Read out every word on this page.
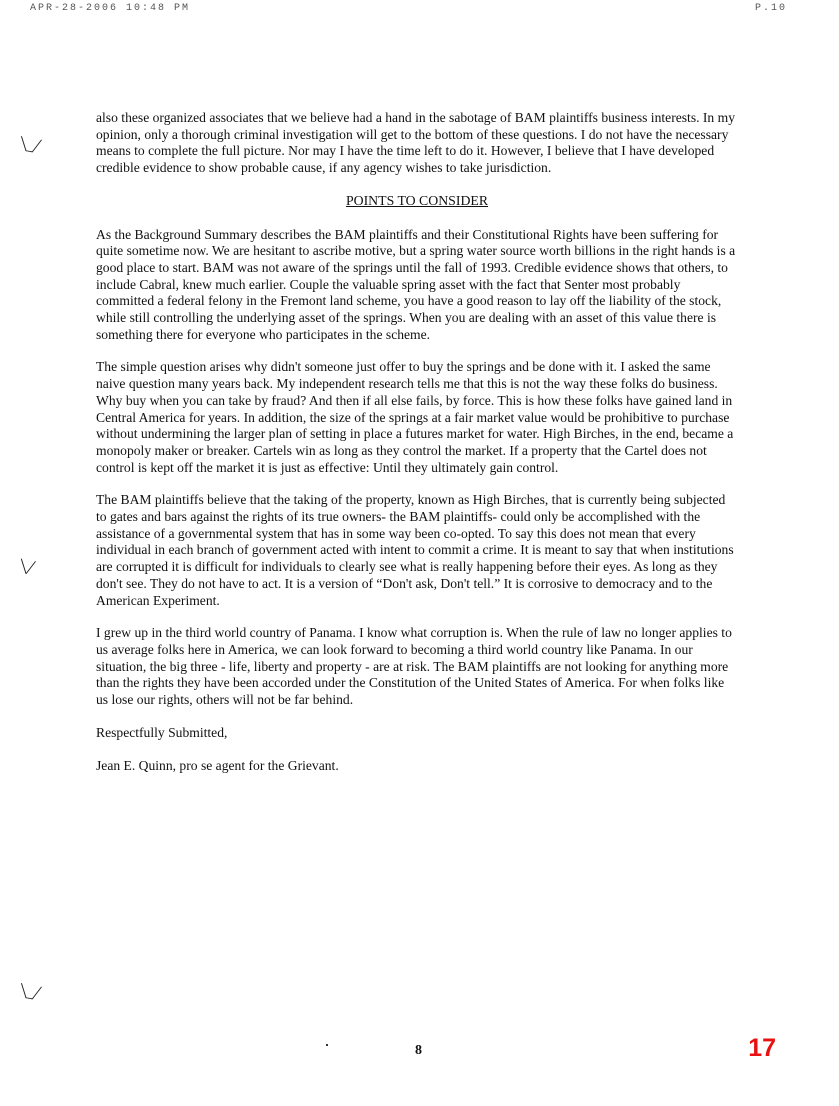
APR-28-2006 10:48 PM	P.10
╲_╱
╲╱
╲_╱

also these organized associates that we believe had a hand in the sabotage of BAM plaintiffs business interests. In my opinion, only a thorough criminal investigation will get to the bottom of these questions. I do not have the necessary means to complete the full picture. Nor may I have the time left to do it. However, I believe that I have developed credible evidence to show probable cause, if any agency wishes to take jurisdiction.

POINTS TO CONSIDER

As the Background Summary describes the BAM plaintiffs and their Constitutional Rights have been suffering for quite sometime now. We are hesitant to ascribe motive, but a spring water source worth billions in the right hands is a good place to start. BAM was not aware of the springs until the fall of 1993. Credible evidence shows that others, to include Cabral, knew much earlier. Couple the valuable spring asset with the fact that Senter most probably committed a federal felony in the Fremont land scheme, you have a good reason to lay off the liability of the stock, while still controlling the underlying asset of the springs. When you are dealing with an asset of this value there is something there for everyone who participates in the scheme.

The simple question arises why didn't someone just offer to buy the springs and be done with it. I asked the same naive question many years back. My independent research tells me that this is not the way these folks do business. Why buy when you can take by fraud? And then if all else fails, by force. This is how these folks have gained land in Central America for years. In addition, the size of the springs at a fair market value would be prohibitive to purchase without undermining the larger plan of setting in place a futures market for water. High Birches, in the end, became a monopoly maker or breaker. Cartels win as long as they control the market. If a property that the Cartel does not control is kept off the market it is just as effective: Until they ultimately gain control.

The BAM plaintiffs believe that the taking of the property, known as High Birches, that is currently being subjected to gates and bars against the rights of its true owners- the BAM plaintiffs- could only be accomplished with the assistance of a governmental system that has in some way been co-opted. To say this does not mean that every individual in each branch of government acted with intent to commit a crime. It is meant to say that when institutions are corrupted it is difficult for individuals to clearly see what is really happening before their eyes. As long as they don't see. They do not have to act. It is a version of “Don't ask, Don't tell.” It is corrosive to democracy and to the American Experiment.

I grew up in the third world country of Panama. I know what corruption is. When the rule of law no longer applies to us average folks here in America, we can look forward to becoming a third world country like Panama. In our situation, the big three - life, liberty and property - are at risk. The BAM plaintiffs are not looking for anything more than the rights they have been accorded under the Constitution of the United States of America. For when folks like us lose our rights, others will not be far behind.

Respectfully Submitted,

Jean E. Quinn, pro se agent for the Grievant.

8	17
